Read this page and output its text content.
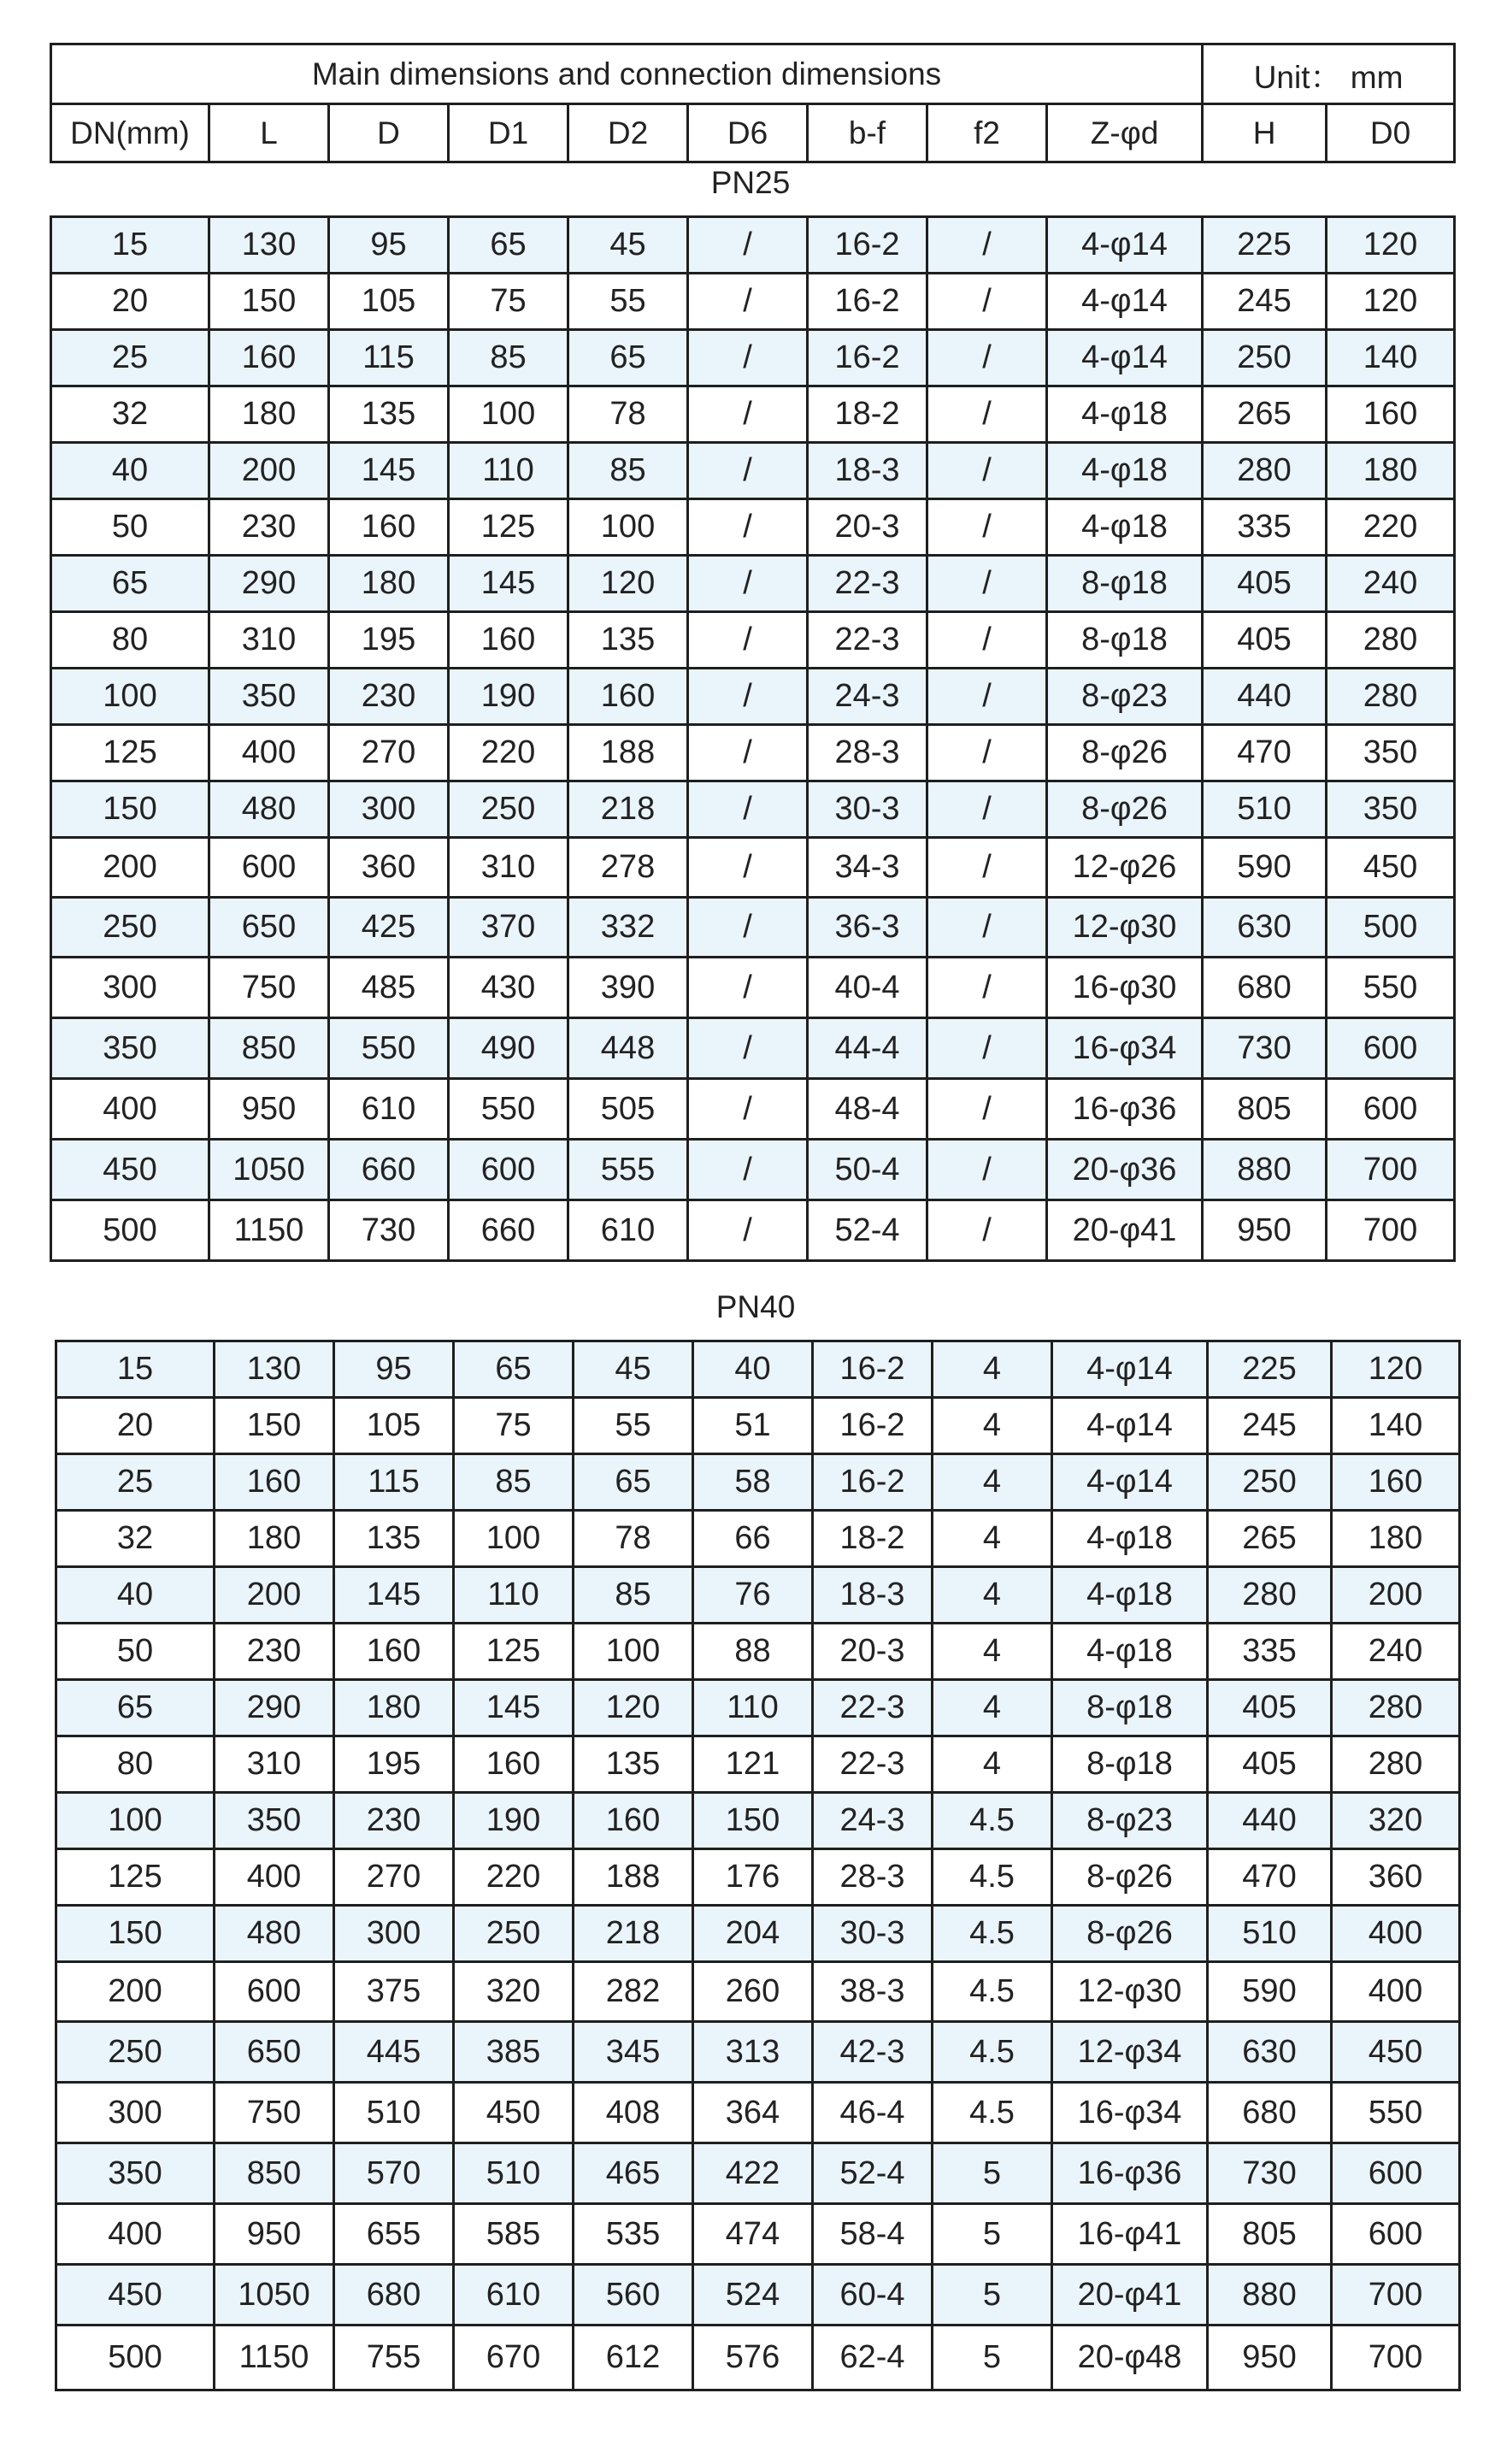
Main dimensions and connection dimensions									Unit： mm	
DN(mm)	L	D	D1	D2	D6	b-f	f2	Z-φd	H	D0
PN25
15	130	95	65	45	/	16-2	/	4-φ14	225	120
20	150	105	75	55	/	16-2	/	4-φ14	245	120
25	160	115	85	65	/	16-2	/	4-φ14	250	140
32	180	135	100	78	/	18-2	/	4-φ18	265	160
40	200	145	110	85	/	18-3	/	4-φ18	280	180
50	230	160	125	100	/	20-3	/	4-φ18	335	220
65	290	180	145	120	/	22-3	/	8-φ18	405	240
80	310	195	160	135	/	22-3	/	8-φ18	405	280
100	350	230	190	160	/	24-3	/	8-φ23	440	280
125	400	270	220	188	/	28-3	/	8-φ26	470	350
150	480	300	250	218	/	30-3	/	8-φ26	510	350
200	600	360	310	278	/	34-3	/	12-φ26	590	450
250	650	425	370	332	/	36-3	/	12-φ30	630	500
300	750	485	430	390	/	40-4	/	16-φ30	680	550
350	850	550	490	448	/	44-4	/	16-φ34	730	600
400	950	610	550	505	/	48-4	/	16-φ36	805	600
450	1050	660	600	555	/	50-4	/	20-φ36	880	700
500	1150	730	660	610	/	52-4	/	20-φ41	950	700
PN40
15	130	95	65	45	40	16-2	4	4-φ14	225	120
20	150	105	75	55	51	16-2	4	4-φ14	245	140
25	160	115	85	65	58	16-2	4	4-φ14	250	160
32	180	135	100	78	66	18-2	4	4-φ18	265	180
40	200	145	110	85	76	18-3	4	4-φ18	280	200
50	230	160	125	100	88	20-3	4	4-φ18	335	240
65	290	180	145	120	110	22-3	4	8-φ18	405	280
80	310	195	160	135	121	22-3	4	8-φ18	405	280
100	350	230	190	160	150	24-3	4.5	8-φ23	440	320
125	400	270	220	188	176	28-3	4.5	8-φ26	470	360
150	480	300	250	218	204	30-3	4.5	8-φ26	510	400
200	600	375	320	282	260	38-3	4.5	12-φ30	590	400
250	650	445	385	345	313	42-3	4.5	12-φ34	630	450
300	750	510	450	408	364	46-4	4.5	16-φ34	680	550
350	850	570	510	465	422	52-4	5	16-φ36	730	600
400	950	655	585	535	474	58-4	5	16-φ41	805	600
450	1050	680	610	560	524	60-4	5	20-φ41	880	700
500	1150	755	670	612	576	62-4	5	20-φ48	950	700
